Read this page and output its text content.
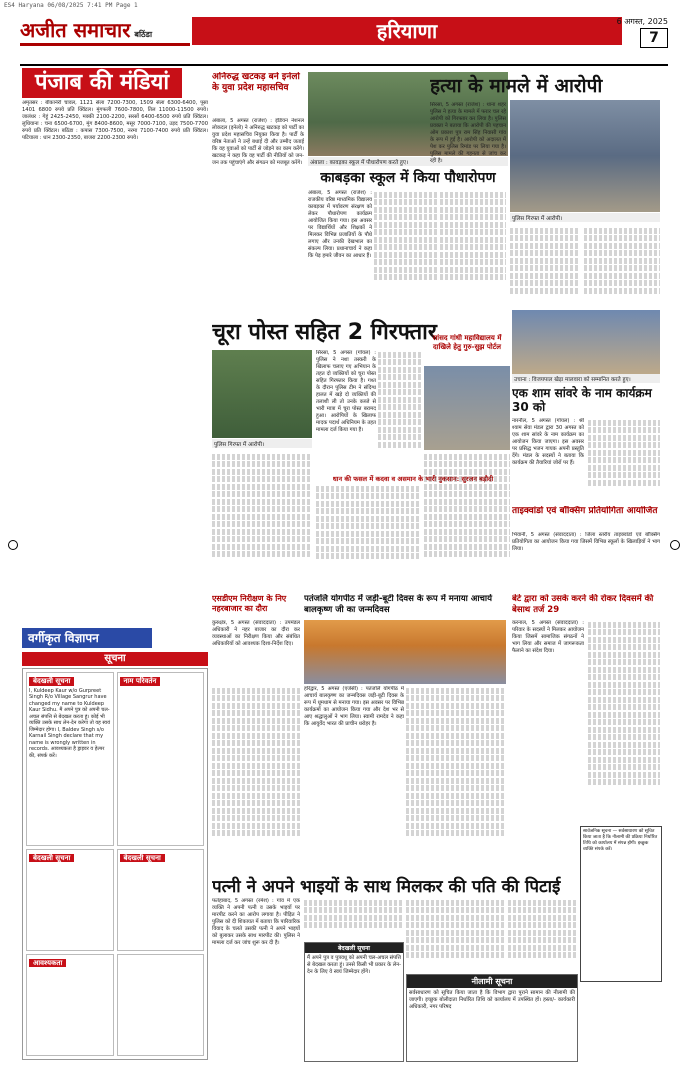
ES4 Haryana 06/08/2025 7:41 PM Page 1
अजीत समाचार बठिंडा	हरियाणा	6 अगस्त, 2025
7
पंजाब की मंडियां

अमृतसर : बीकानेरी चावल, 1121 सेला 7200-7300, 1509 सेला 6300-6400, पूसा 1401 6800 रुपये प्रति क्विंटल। मूंगफली 7600-7800, तिल 11000-11500 रुपये। जालंधर : गेहूं 2425-2450, मक्की 2100-2200, सरसों 6400-6500 रुपये प्रति क्विंटल। लुधियाना : चना 6500-6700, मूंग 8400-8600, मसूर 7000-7100, उड़द 7500-7700 रुपये प्रति क्विंटल। बठिंडा : कपास 7300-7500, नरमा 7100-7400 रुपये प्रति क्विंटल। पटियाला : धान 2300-2350, बाजरा 2200-2300 रुपये।

वर्गीकृत विज्ञापन
सूचना
बेदखली सूचना
I, Kuldeep Kaur w/o Gurpreet Singh R/o Village Sangrur have changed my name to Kuldeep Kaur Sidhu. मैं अपने पुत्र को अपनी चल-अचल संपत्ति से बेदखल करता हूं। कोई भी व्यक्ति उसके साथ लेन-देन करेगा तो वह स्वयं जिम्मेदार होगा। I, Baldev Singh s/o Karnail Singh declare that my name is wrongly written in records. आवश्यकता है ड्राइवर व हेल्पर की, संपर्क करें।
नाम परिवर्तन
बेदखली सूचना	बेदखली सूचना
आवश्यकता
अनिरुद्ध खटकड़ बने इनेलो के युवा प्रदेश महासचिव
अंबाला, 5 अगस्त (राजेश) : इंडियन नेशनल लोकदल (इनेलो) ने अनिरुद्ध खटकड़ को पार्टी का युवा प्रदेश महासचिव नियुक्त किया है। पार्टी के वरिष्ठ नेताओं ने उन्हें बधाई दी और उम्मीद जताई कि वह युवाओं को पार्टी से जोड़ने का काम करेंगे। खटकड़ ने कहा कि वह पार्टी की नीतियों को जन-जन तक पहुंचाएंगे और संगठन को मजबूत करेंगे।	अंबाला : कावड़का स्कूल में पौधारोपण करते हुए।
हत्या के मामले में आरोपी
सिरसा, 5 अगस्त (राजेश) : थाना शहर पुलिस ने हत्या के मामले में फरार चल रहे आरोपी को गिरफ्तार कर लिया है। पुलिस प्रवक्ता ने बताया कि आरोपी की पहचान ओम प्रकाश पुत्र राम सिंह निवासी गांव के रूप में हुई है। आरोपी को अदालत में पेश कर पुलिस रिमांड पर लिया गया है। पुलिस मामले की गहनता से जांच कर रही है।
पुलिस गिरफ्त में आरोपी।
काबड़का स्कूल में किया पौधारोपण
अंबाला, 5 अगस्त (राजेश) : राजकीय वरिष्ठ माध्यमिक विद्यालय काबड़का में पर्यावरण संरक्षण को लेकर पौधारोपण कार्यक्रम आयोजित किया गया। इस अवसर पर विद्यार्थियों और शिक्षकों ने मिलकर विभिन्न प्रजातियों के पौधे लगाए और उनकी देखभाल का संकल्प लिया। प्रधानाचार्य ने कहा कि पेड़ हमारे जीवन का आधार हैं।
चूरा पोस्त सहित 2 गिरफ्तार
पुलिस गिरफ्त में आरोपी।
सिरसा, 5 अगस्त (गोयल) : पुलिस ने नशा तस्करी के खिलाफ चलाए गए अभियान के तहत दो व्यक्तियों को चूरा पोस्त सहित गिरफ्तार किया है। गश्त के दौरान पुलिस टीम ने संदिग्ध हालत में खड़े दो व्यक्तियों की तलाशी ली तो उनके कब्जे से भारी मात्रा में चूरा पोस्त बरामद हुआ। आरोपियों के खिलाफ मादक पदार्थ अधिनियम के तहत मामला दर्ज किया गया है।
धान की फसल में कदवा व असमान के भारी नुकसान: सुरजन बड़ौदी
सांसद गांधी महाविद्यालय में दाखिले हेतु गुरु-सुझ पोर्टल
उचाना : विजयपाल खेड़ा मालवारा को सम्मानित करते हुए।
एक शाम सांवरे के नाम कार्यक्रम 30 को
नारनौल, 5 अगस्त (गोयल) : श्री श्याम सेवा मंडल द्वारा 30 अगस्त को एक शाम सांवरे के नाम कार्यक्रम का आयोजन किया जाएगा। इस अवसर पर प्रसिद्ध भजन गायक अपनी प्रस्तुति देंगे। मंडल के सदस्यों ने बताया कि कार्यक्रम की तैयारियां जोरों पर हैं।
ताइक्वांडो एवं बॉक्सिंग प्रतियोगिता आयोजित
भिवानी, 5 अगस्त (संवाददाता) : जिला स्तरीय ताइक्वांडो एवं बॉक्सिंग प्रतियोगिता का आयोजन किया गया जिसमें विभिन्न स्कूलों के खिलाड़ियों ने भाग लिया।
एसडीएम निरीक्षण के निए नहरबाजार का दौरा
कुरुक्षेत्र, 5 अगस्त (संवाददाता) : उपमंडल अधिकारी ने नहर बाजार का दौरा कर व्यवस्थाओं का निरीक्षण किया और संबंधित अधिकारियों को आवश्यक दिशा-निर्देश दिए।
पतंजलि योगपीठ में जड़ी-बूटी दिवस के रूप में मनाया आचार्य बालकृष्ण जी का जन्मदिवस
हरिद्वार, 5 अगस्त (एजेंसी) : पतंजलि योगपीठ में आचार्य बालकृष्ण का जन्मदिवस जड़ी-बूटी दिवस के रूप में धूमधाम से मनाया गया। इस अवसर पर विभिन्न कार्यक्रमों का आयोजन किया गया और देश भर से आए श्रद्धालुओं ने भाग लिया। स्वामी रामदेव ने कहा कि आयुर्वेद भारत की प्राचीन धरोहर है।
बेटे द्वारा को उसके करने की रोकर दिवसमें की बेसाथ तर्ज 29
करनाल, 5 अगस्त (संवाददाता) : परिवार के सदस्यों ने मिलकर आयोजन किया जिसमें सामाजिक संगठनों ने भाग लिया और समाज में जागरूकता फैलाने का संदेश दिया।
सार्वजनिक सूचना — सर्वसाधारण को सूचित किया जाता है कि नीलामी की प्रक्रिया निर्धारित तिथि को कार्यालय में संपन्न होगी। इच्छुक व्यक्ति संपर्क करें।
पत्नी ने अपने भाइयों के साथ मिलकर की पति की पिटाई
फतेहाबाद, 5 अगस्त (रमेश) : गांव में एक व्यक्ति ने अपनी पत्नी व उसके भाइयों पर मारपीट करने का आरोप लगाया है। पीड़ित ने पुलिस को दी शिकायत में बताया कि पारिवारिक विवाद के चलते उसकी पत्नी ने अपने भाइयों को बुलाकर उसके साथ मारपीट की। पुलिस ने मामला दर्ज कर जांच शुरू कर दी है।
बेदखली सूचना
मैं अपने पुत्र व पुत्रवधू को अपनी चल-अचल संपत्ति से बेदखल करता हूं। उनसे किसी भी प्रकार के लेन-देन के लिए वे स्वयं जिम्मेदार होंगे।
नीलामी सूचना
सर्वसाधारण को सूचित किया जाता है कि विभाग द्वारा पुराने सामान की नीलामी की जाएगी। इच्छुक बोलीदाता निर्धारित तिथि को कार्यालय में उपस्थित हों। हस्ता/- कार्यकारी अधिकारी, नगर परिषद
